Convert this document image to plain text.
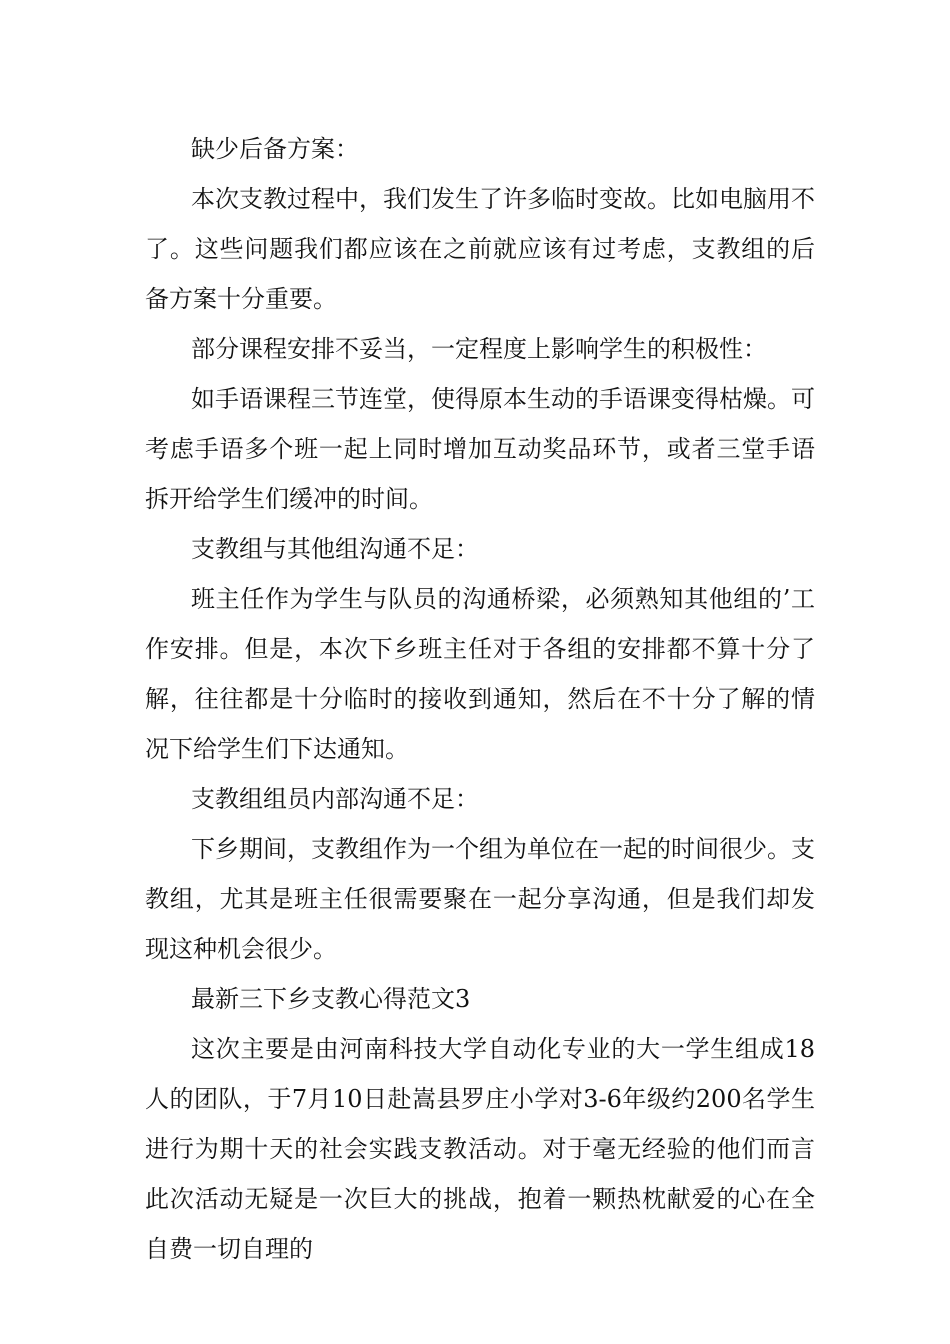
缺少后备方案：

本次支教过程中，我们发生了许多临时变故。比如电脑用不了。这些问题我们都应该在之前就应该有过考虑，支教组的后备方案十分重要。

部分课程安排不妥当，一定程度上影响学生的积极性：

如手语课程三节连堂，使得原本生动的手语课变得枯燥。可考虑手语多个班一起上同时增加互动奖品环节，或者三堂手语拆开给学生们缓冲的时间。

支教组与其他组沟通不足：

班主任作为学生与队员的沟通桥梁，必须熟知其他组的’工作安排。但是，本次下乡班主任对于各组的安排都不算十分了解，往往都是十分临时的接收到通知，然后在不十分了解的情况下给学生们下达通知。

支教组组员内部沟通不足：

下乡期间，支教组作为一个组为单位在一起的时间很少。支教组，尤其是班主任很需要聚在一起分享沟通，但是我们却发现这种机会很少。

最新三下乡支教心得范文3

这次主要是由河南科技大学自动化专业的大一学生组成18人的团队，于7月10日赴嵩县罗庄小学对3-6年级约200名学生进行为期十天的社会实践支教活动。对于毫无经验的他们而言此次活动无疑是一次巨大的挑战，抱着一颗热枕献爱的心在全自费一切自理的
